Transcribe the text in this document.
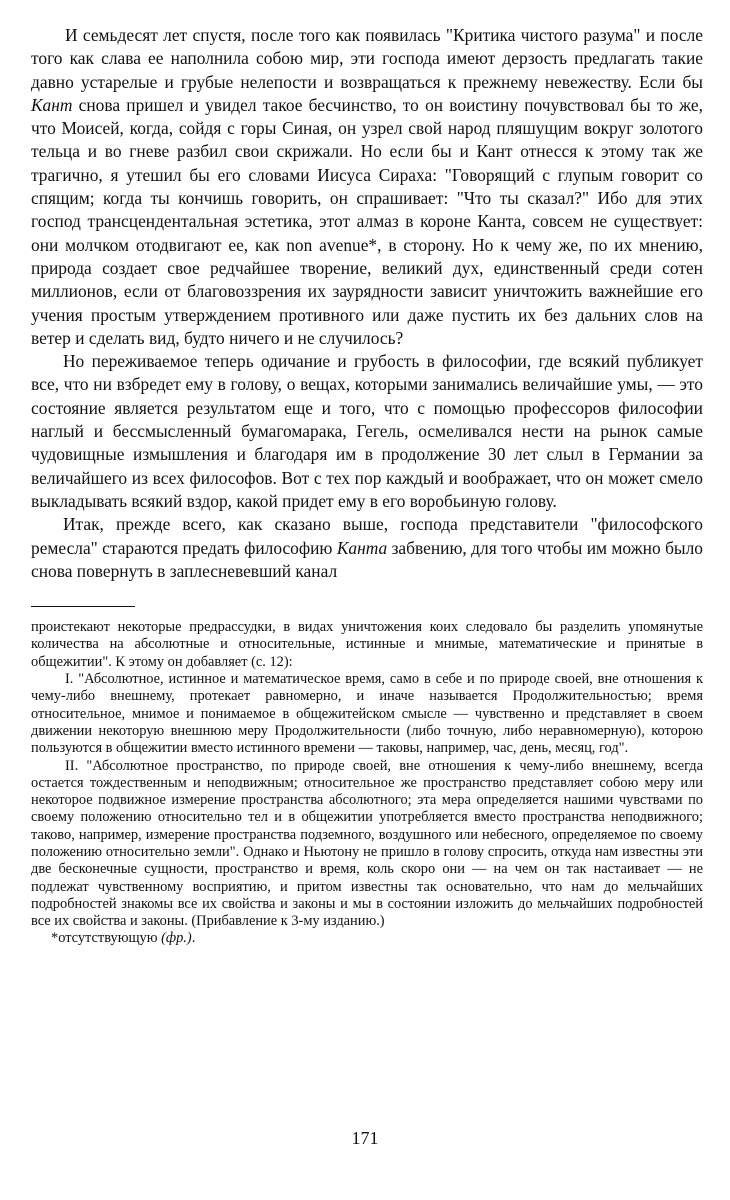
И семьдесят лет спустя, после того как появилась "Критика чистого разума" и после того как слава ее наполнила собою мир, эти господа имеют дерзость предлагать такие давно устарелые и грубые нелепости и возвращаться к прежнему невежеству. Если бы Кант снова пришел и увидел такое бесчинство, то он воистину почувствовал бы то же, что Моисей, когда, сойдя с горы Синая, он узрел свой народ пляшущим вокруг золотого тельца и во гневе разбил свои скрижали. Но если бы и Кант отнесся к этому так же трагично, я утешил бы его словами Иисуса Сираха: "Говорящий с глупым говорит со спящим; когда ты кончишь говорить, он спрашивает: "Что ты сказал?" Ибо для этих господ трансцендентальная эстетика, этот алмаз в короне Канта, совсем не существует: они молчком отодвигают ее, как non avenue*, в сторону. Но к чему же, по их мнению, природа создает свое редчайшее творение, великий дух, единственный среди сотен миллионов, если от благовоззрения их заурядности зависит уничтожить важнейшие его учения простым утверждением противного или даже пустить их без дальних слов на ветер и сделать вид, будто ничего и не случилось?

Но переживаемое теперь одичание и грубость в философии, где всякий публикует все, что ни взбредет ему в голову, о вещах, которыми занимались величайшие умы, — это состояние является результатом еще и того, что с помощью профессоров философии наглый и бессмысленный бумагомарака, Гегель, осмеливался нести на рынок самые чудовищные измышления и благодаря им в продолжение 30 лет слыл в Германии за величайшего из всех философов. Вот с тех пор каждый и воображает, что он может смело выкладывать всякий вздор, какой придет ему в его воробьиную голову.

Итак, прежде всего, как сказано выше, господа представители "философского ремесла" стараются предать философию Канта забвению, для того чтобы им можно было снова повернуть в заплесневевший канал

проистекают некоторые предрассудки, в видах уничтожения коих следовало бы разделить упомянутые количества на абсолютные и относительные, истинные и мнимые, математические и принятые в общежитии". К этому он добавляет (с. 12):

I. "Абсолютное, истинное и математическое время, само в себе и по природе своей, вне отношения к чему-либо внешнему, протекает равномерно, и иначе называется Продолжительностью; время относительное, мнимое и понимаемое в общежитейском смысле — чувственно и представляет в своем движении некоторую внешнюю меру Продолжительности (либо точную, либо неравномерную), которою пользуются в общежитии вместо истинного времени — таковы, например, час, день, месяц, год".

II. "Абсолютное пространство, по природе своей, вне отношения к чему-либо внешнему, всегда остается тождественным и неподвижным; относительное же пространство представляет собою меру или некоторое подвижное измерение пространства абсолютного; эта мера определяется нашими чувствами по своему положению относительно тел и в общежитии употребляется вместо пространства неподвижного; таково, например, измерение пространства подземного, воздушного или небесного, определяемое по своему положению относительно земли". Однако и Ньютону не пришло в голову спросить, откуда нам известны эти две бесконечные сущности, пространство и время, коль скоро они — на чем он так настаивает — не подлежат чувственному восприятию, и притом известны так основательно, что нам до мельчайших подробностей знакомы все их свойства и законы и мы в состоянии изложить до мельчайших подробностей все их свойства и законы. (Прибавление к 3-му изданию.)

*отсутствующую (фр.).

171
